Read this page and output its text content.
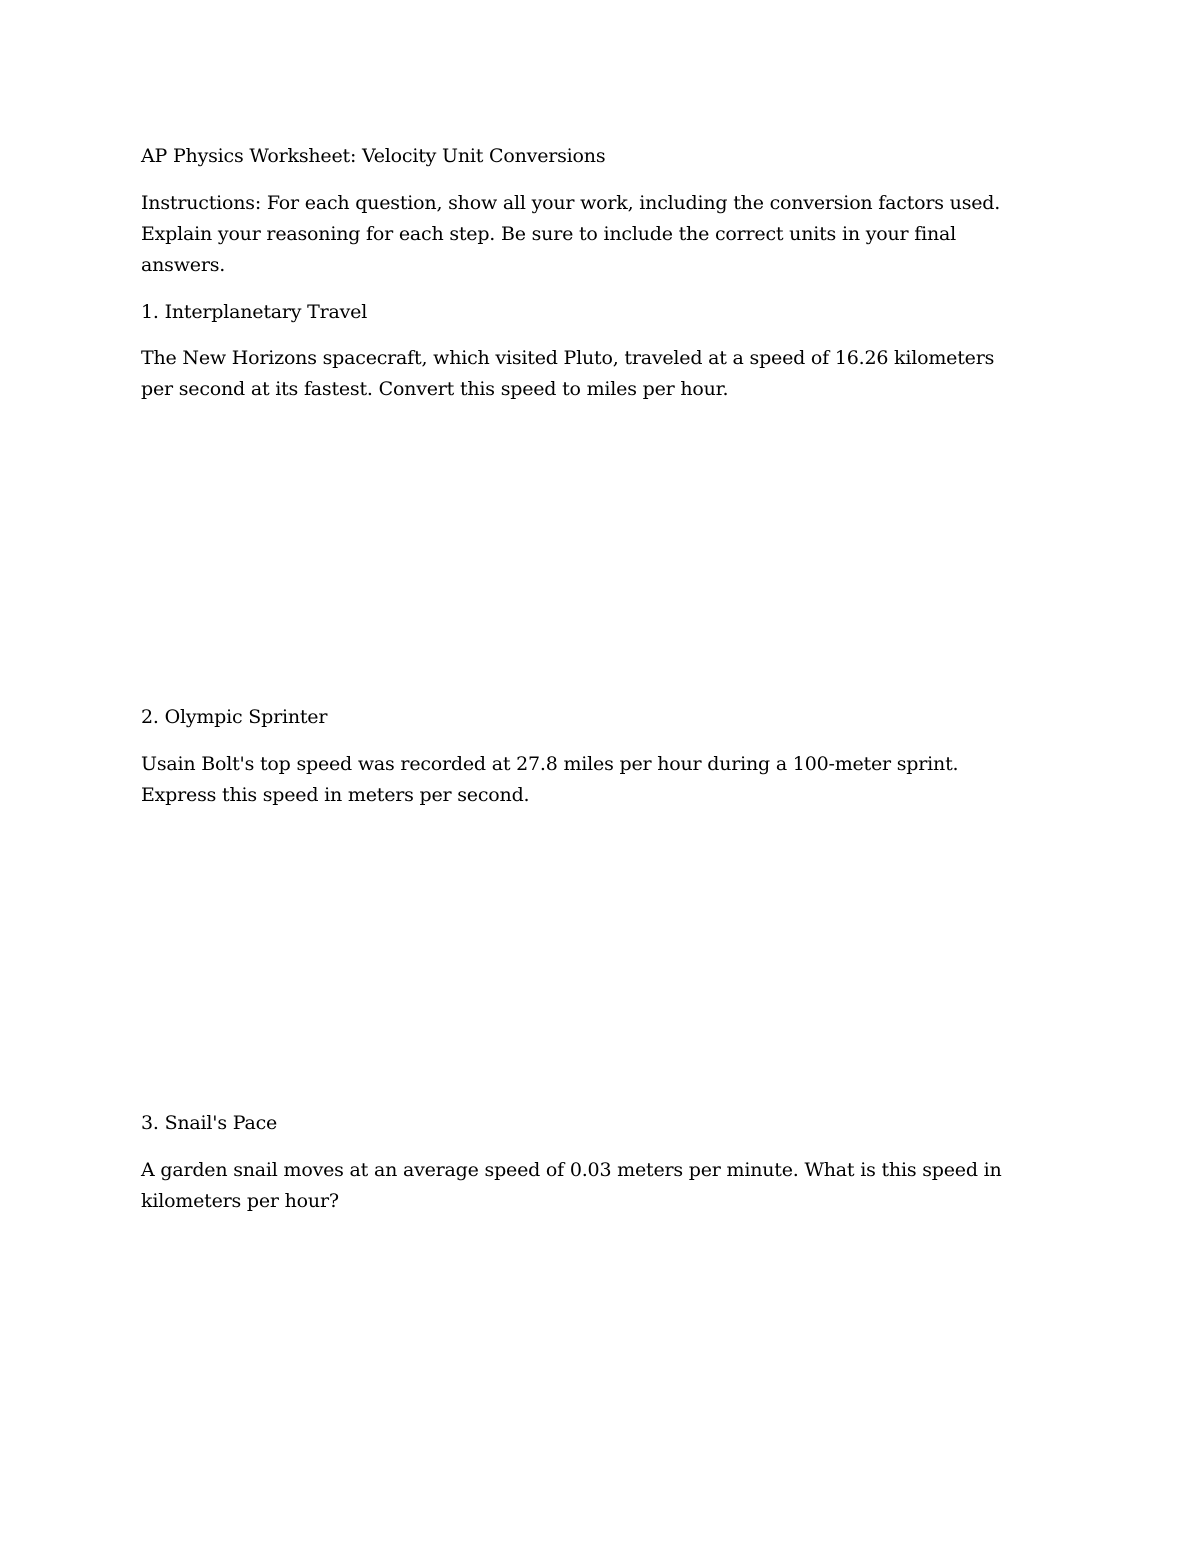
AP Physics Worksheet: Velocity Unit Conversions
Instructions: For each question, show all your work, including the conversion factors used.
Explain your reasoning for each step. Be sure to include the correct units in your final
answers.
1. Interplanetary Travel
The New Horizons spacecraft, which visited Pluto, traveled at a speed of 16.26 kilometers
per second at its fastest. Convert this speed to miles per hour.
2. Olympic Sprinter
Usain Bolt's top speed was recorded at 27.8 miles per hour during a 100-meter sprint.
Express this speed in meters per second.
3. Snail's Pace
A garden snail moves at an average speed of 0.03 meters per minute. What is this speed in
kilometers per hour?
